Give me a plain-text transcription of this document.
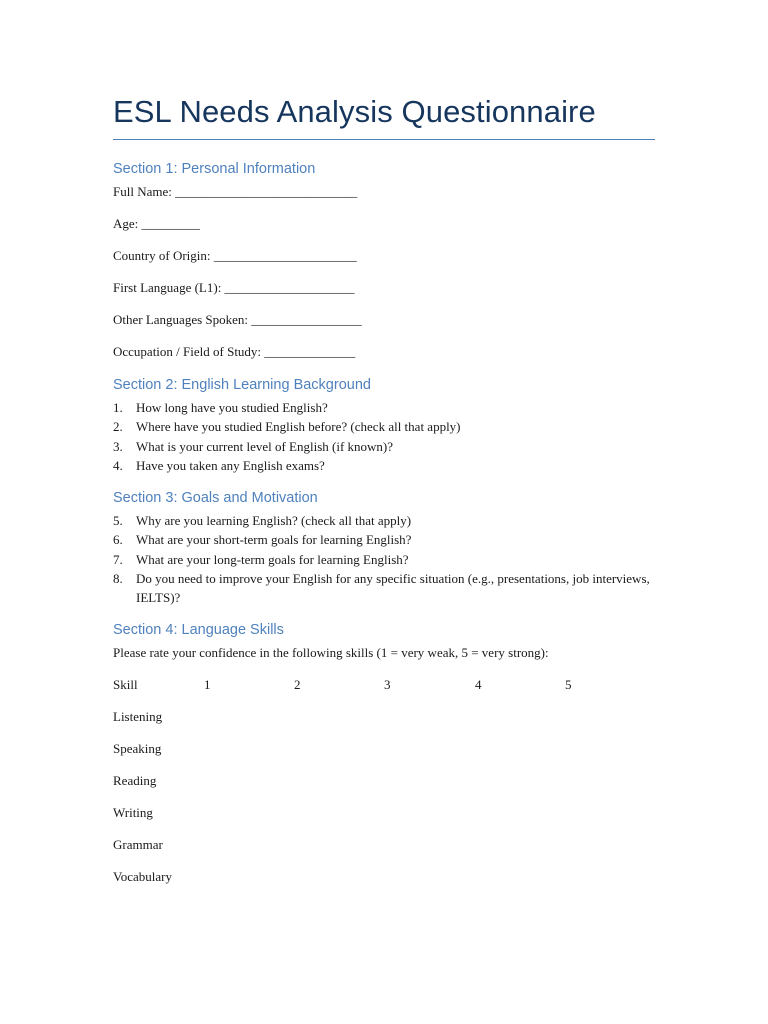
ESL Needs Analysis Questionnaire
Section 1: Personal Information
Full Name: ____________________________
Age: _________
Country of Origin: ______________________
First Language (L1): ____________________
Other Languages Spoken: _________________
Occupation / Field of Study: ______________
Section 2: English Learning Background
1. How long have you studied English?
2. Where have you studied English before? (check all that apply)
3. What is your current level of English (if known)?
4. Have you taken any English exams?
Section 3: Goals and Motivation
5. Why are you learning English? (check all that apply)
6. What are your short-term goals for learning English?
7. What are your long-term goals for learning English?
8. Do you need to improve your English for any specific situation (e.g., presentations, job interviews, IELTS)?
Section 4: Language Skills
Please rate your confidence in the following skills (1 = very weak, 5 = very strong):
Skill	1	2	3	4	5
Listening
Speaking
Reading
Writing
Grammar
Vocabulary
